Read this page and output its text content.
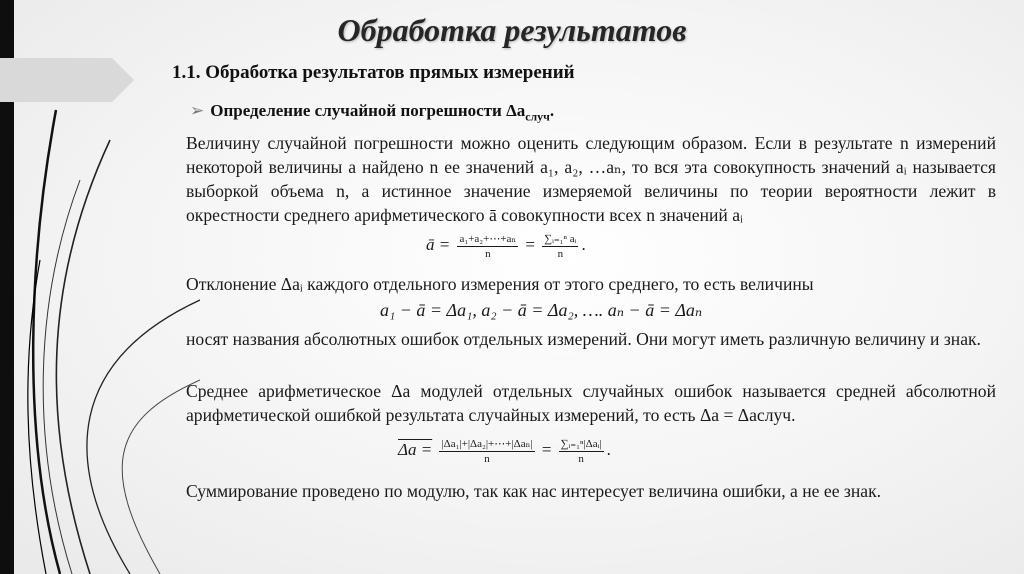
Обработка результатов
1.1. Обработка результатов прямых измерений
➢ Определение случайной погрешности $\Delta a_{случ}$.
Величину случайной погрешности можно оценить следующим образом. Если в результате n измерений некоторой величины a найдено n ее значений a₁, a₂, …aₙ, то вся эта совокупность значений aᵢ называется выборкой объема n, а истинное значение измеряемой величины по теории вероятности лежит в окрестности среднего арифметического ā совокупности всех n значений aᵢ
ā = $\frac{\text{a₁+a₂+⋯+aₙ}}{n} = \frac{\text{∑ᵢ₌₁ⁿ aᵢ}}{n}$ .
Отклонение Δaᵢ каждого отдельного измерения от этого среднего, то есть величины
a₁ − ā = Δa₁, a₂ − ā = Δa₂, …. aₙ − ā = Δaₙ
носят названия абсолютных ошибок отдельных измерений. Они могут иметь различную величину и знак.
Среднее арифметическое Δa модулей отдельных случайных ошибок называется средней абсолютной арифметической ошибкой результата случайных измерений, то есть Δa = Δaслуч.
$\Delta a = \frac{\text{|Δa₁|+|Δa₂|+⋯+|Δaₙ|}}{n} = \frac{\text{∑ᵢ₌₁ⁿ|Δaᵢ|}}{n}$ .
Суммирование проведено по модулю, так как нас интересует величина ошибки, а не ее знак.
